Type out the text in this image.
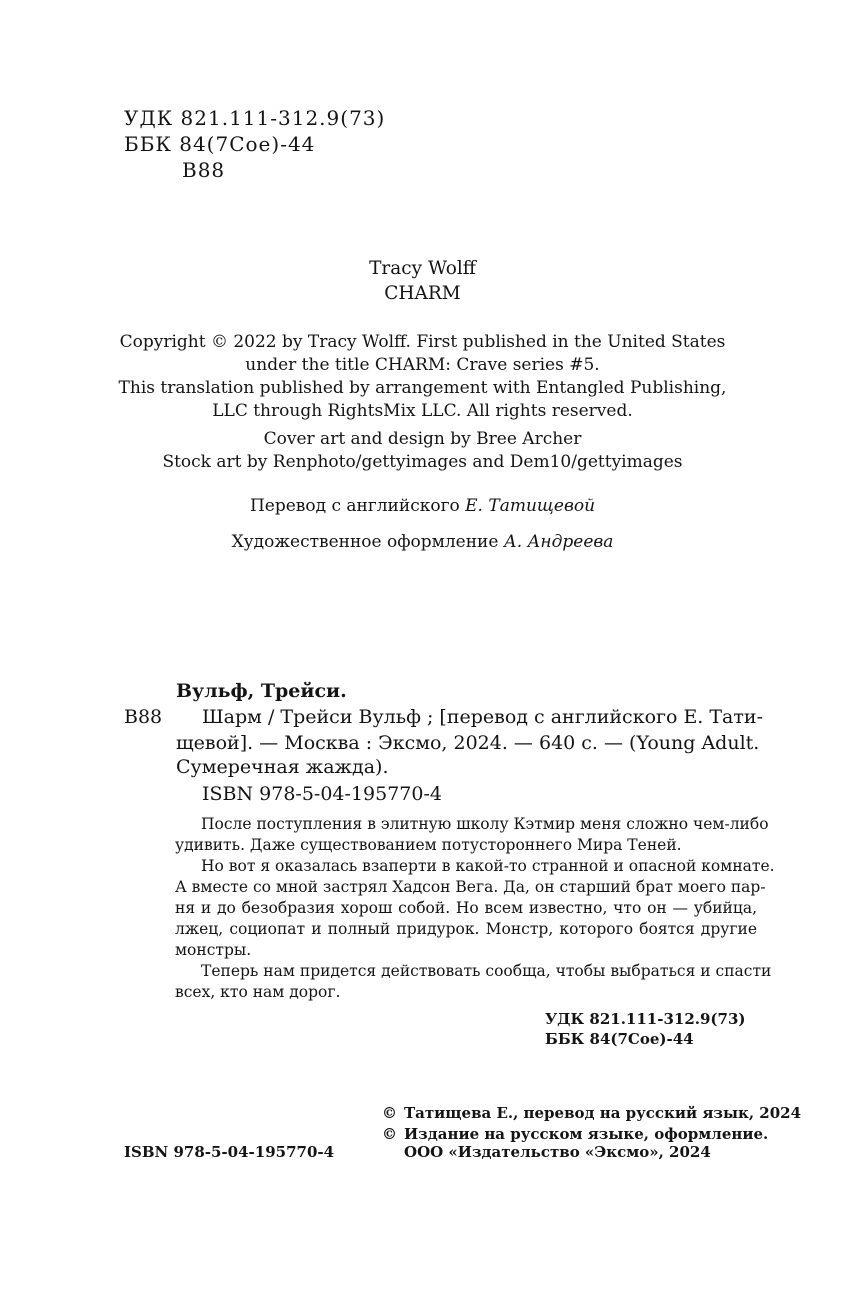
УДК 821.111-312.9(73)
ББК 84(7Сое)-44
В88
Tracy Wolff
CHARM
Copyright © 2022 by Tracy Wolff. First published in the United States
under the title CHARM: Crave series #5.
This translation published by arrangement with Entangled Publishing,
LLC through RightsMix LLC. All rights reserved.
Cover art and design by Bree Archer
Stock art by Renphoto/gettyimages and Dem10/gettyimages
Перевод с английского Е. Татищевой
Художественное оформление А. Андреева
Вульф, Трейси.
В88 Шарм / Трейси Вульф ; [перевод с английского Е. Тати-
щевой]. — Москва : Эксмо, 2024. — 640 с. — (Young Adult.
Сумеречная жажда).
ISBN 978-5-04-195770-4
После поступления в элитную школу Кэтмир меня сложно чем-либо
удивить. Даже существованием потустороннего Мира Теней.
Но вот я оказалась взаперти в какой-то странной и опасной комнате.
А вместе со мной застрял Хадсон Вега. Да, он старший брат моего пар-
ня и до безобразия хорош собой. Но всем известно, что он — убийца,
лжец, социопат и полный придурок. Монстр, которого боятся другие
монстры.
Теперь нам придется действовать сообща, чтобы выбраться и спасти
всех, кто нам дорог.
УДК 821.111-312.9(73)
ББК 84(7Сое)-44
© Татищева Е., перевод на русский язык, 2024
© Издание на русском языке, оформление.
ООО «Издательство «Эксмо», 2024
ISBN 978-5-04-195770-4
